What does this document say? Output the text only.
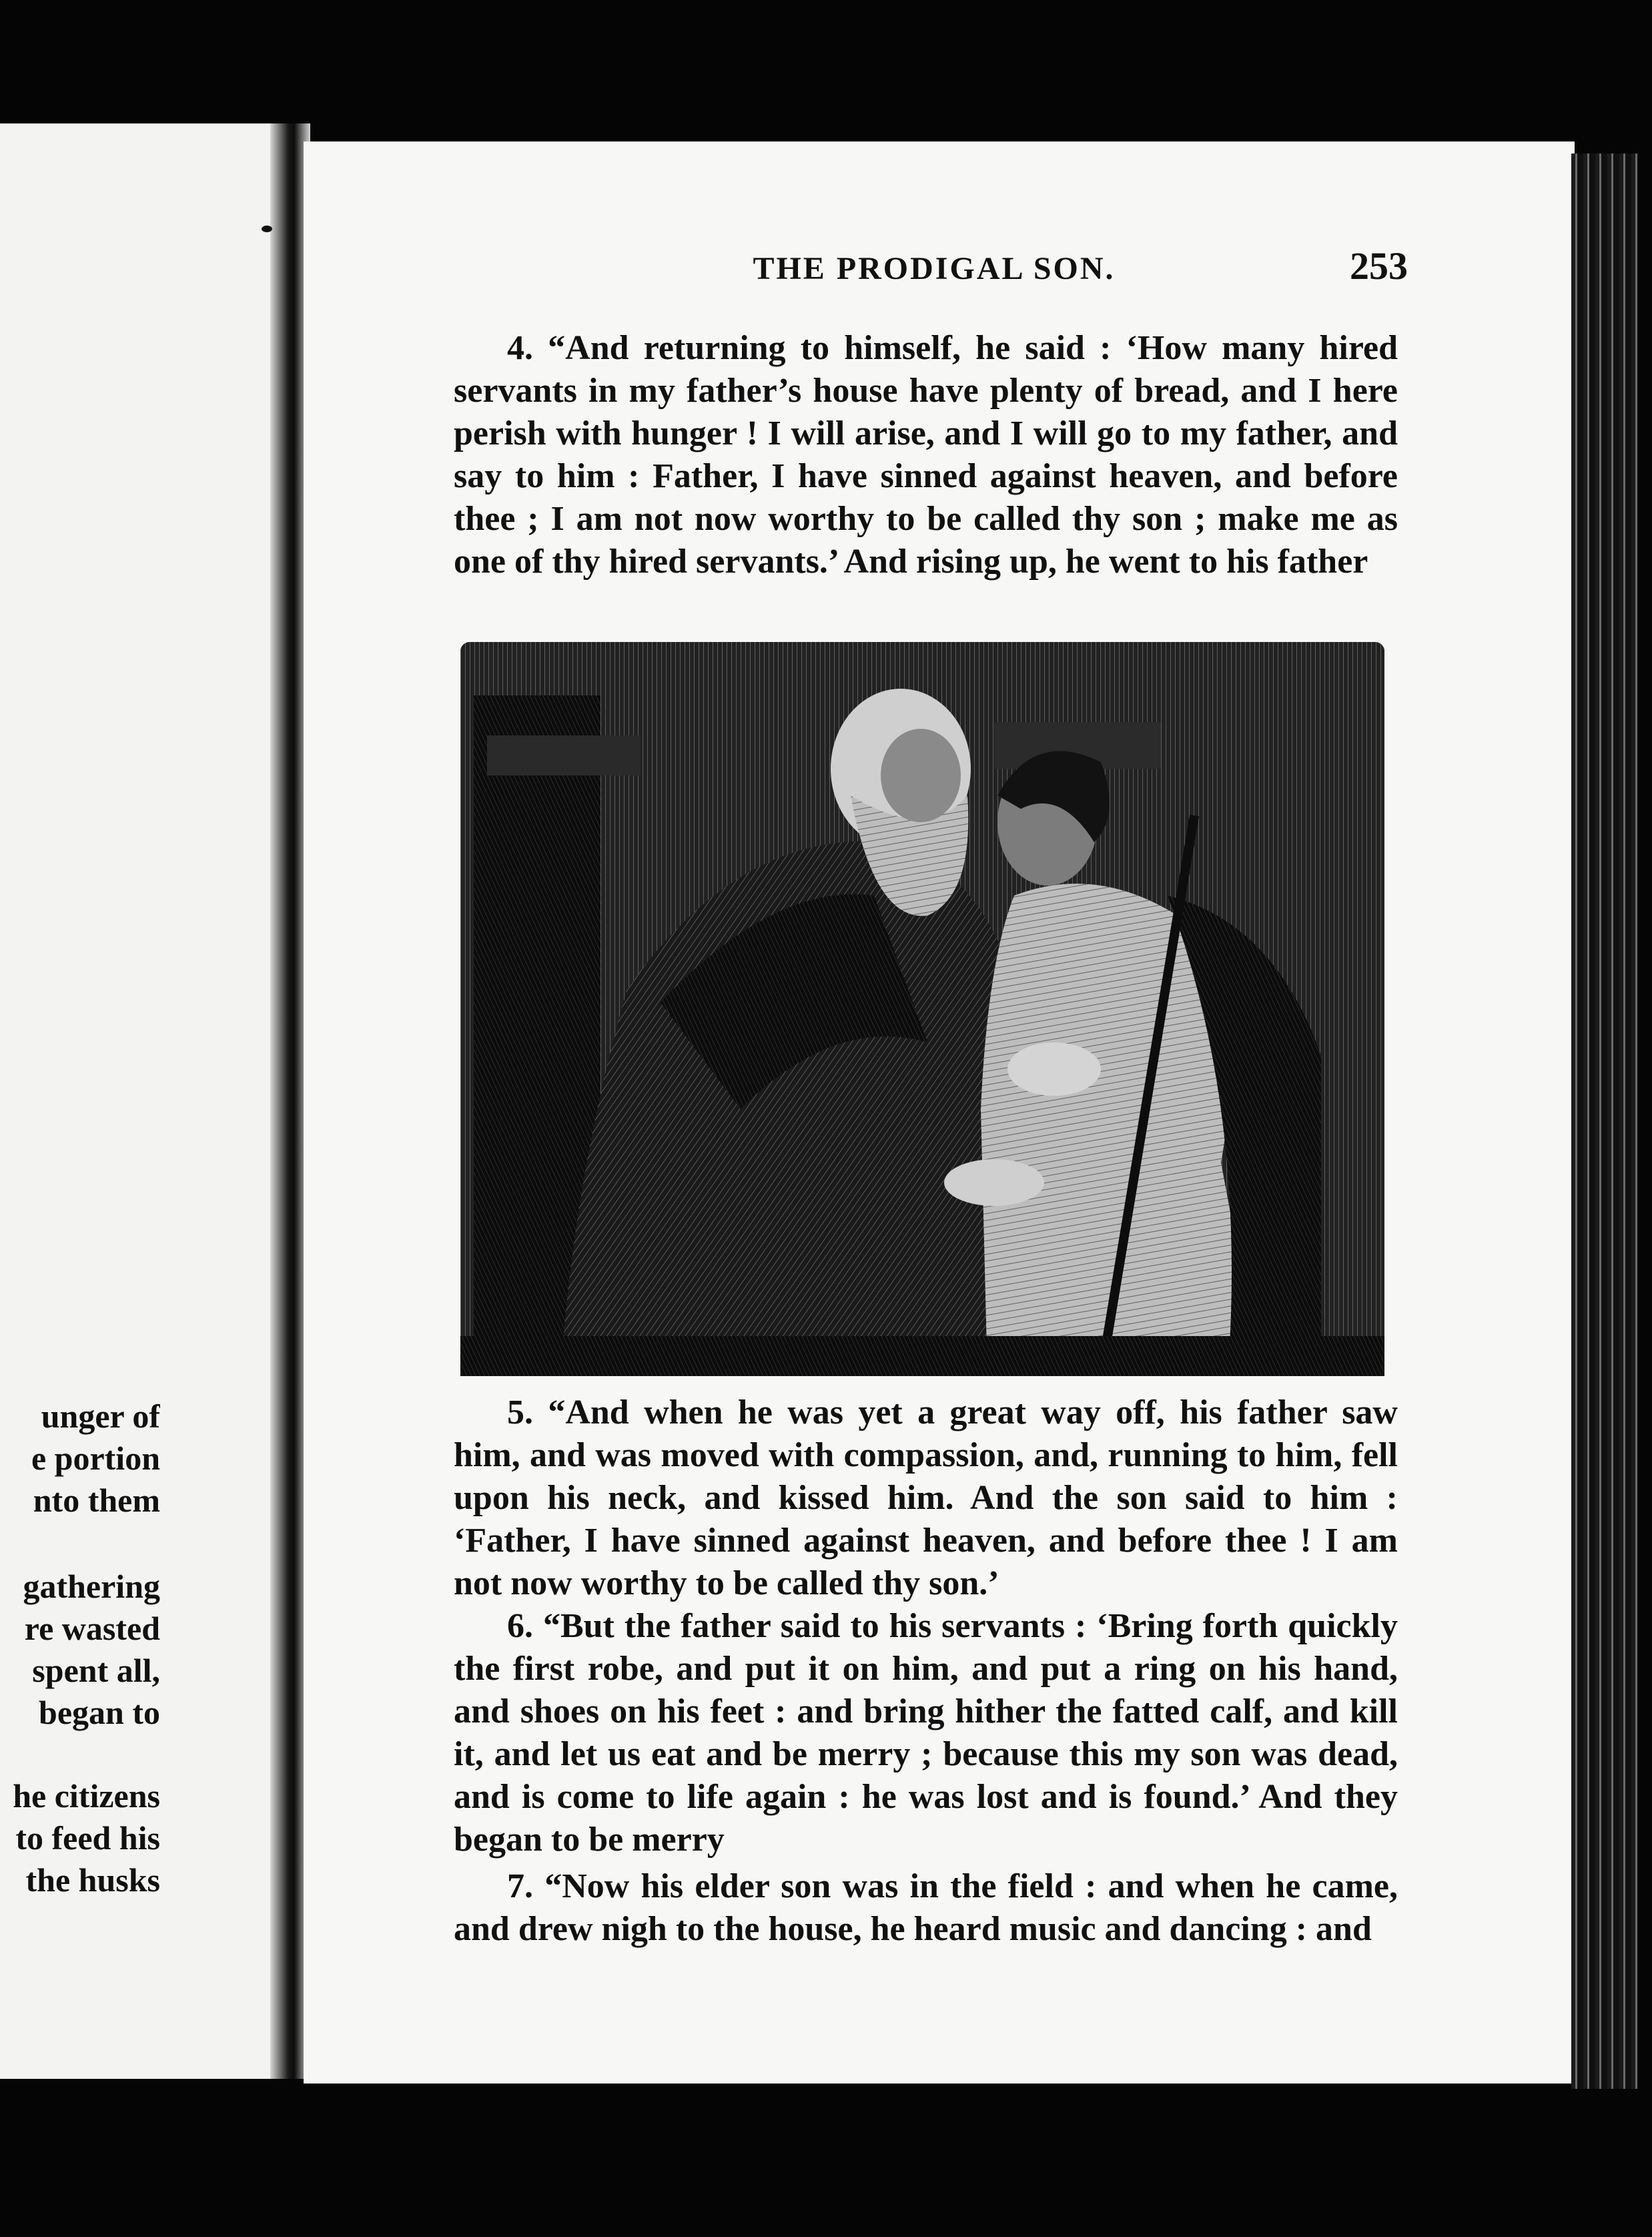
unger of
e portion
nto them
gathering
re wasted
spent all,
began to
he citizens
to feed his
the husks
THE PRODIGAL SON.	253
4. “And returning to himself, he said : ‘How many hired servants in my father’s house have plenty of bread, and I here perish with hunger ! I will arise, and I will go to my father, and say to him : Father, I have sinned against heaven, and before thee ; I am not now worthy to be called thy son ; make me as one of thy hired servants.’ And rising up, he went to his father
5. “And when he was yet a great way off, his father saw him, and was moved with compassion, and, running to him, fell upon his neck, and kissed him. And the son said to him : ‘Father, I have sinned against heaven, and before thee ! I am not now worthy to be called thy son.’
6. “But the father said to his servants : ‘Bring forth quickly the first robe, and put it on him, and put a ring on his hand, and shoes on his feet : and bring hither the fatted calf, and kill it, and let us eat and be merry ; because this my son was dead, and is come to life again : he was lost and is found.’ And they began to be merry
7. “Now his elder son was in the field : and when he came, and drew nigh to the house, he heard music and dancing : and
